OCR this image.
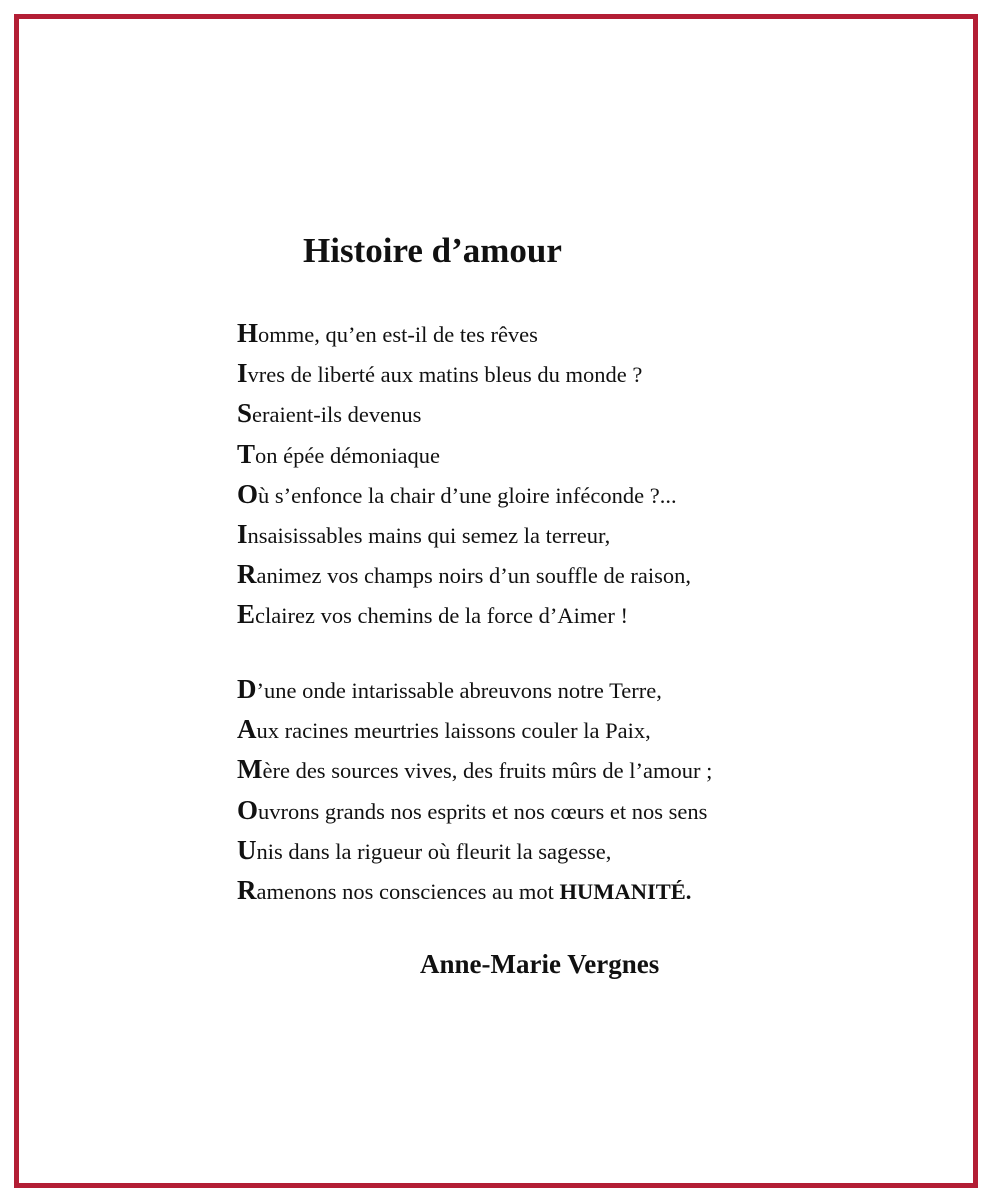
Histoire d’amour
Homme, qu’en est-il de tes rêves
Ivres de liberté aux matins bleus du monde ?
Seraient-ils devenus
Ton épée démoniaque
Où s’enfonce la chair d’une gloire inféconde ?...
Insaisissables mains qui semez la terreur,
Ranimez vos champs noirs d’un souffle de raison,
Eclairez vos chemins de la force d’Aimer !
D’une onde intarissable abreuvons notre Terre,
Aux racines meurtries laissons couler la Paix,
Mère des sources vives, des fruits mûrs de l’amour ;
Ouvrons grands nos esprits et nos cœurs et nos sens
Unis dans la rigueur où fleurit la sagesse,
Ramenons nos consciences au mot HUMANITÉ.

Anne-Marie Vergnes
